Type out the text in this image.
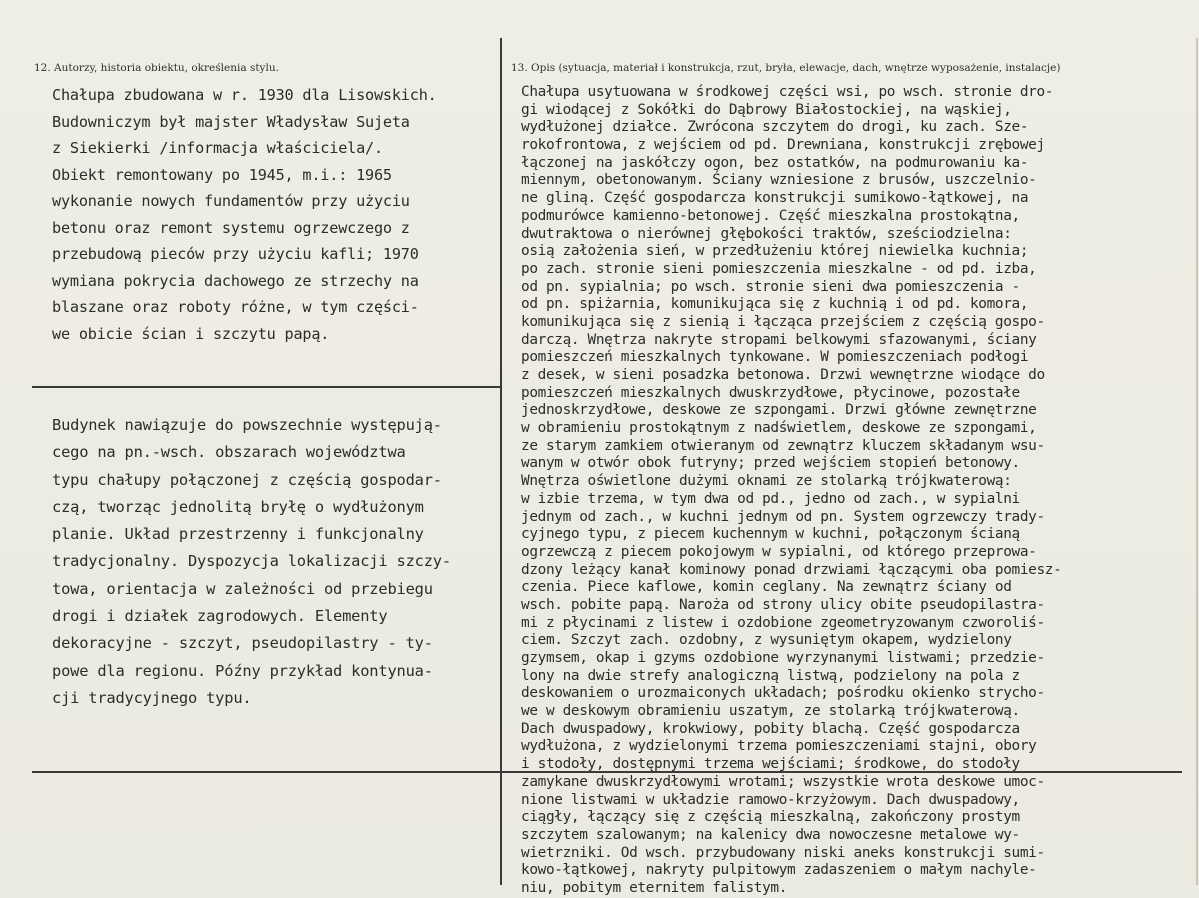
12. Autorzy, historia obiektu, określenia stylu.	13. Opis (sytuacja, materiał i konstrukcja, rzut, bryła, elewacje, dach, wnętrze wyposażenie, instalacje)
Chałupa zbudowana w r. 1930 dla Lisowskich.
Budowniczym był majster Władysław Sujeta
z Siekierki /informacja właściciela/.
Obiekt remontowany po 1945, m.i.: 1965
wykonanie nowych fundamentów przy użyciu
betonu oraz remont systemu ogrzewczego z
przebudową pieców przy użyciu kafli; 1970
wymiana pokrycia dachowego ze strzechy na
blaszane oraz roboty różne, w tym części-
we obicie ścian i szczytu papą.
Budynek nawiązuje do powszechnie występują-
cego na pn.-wsch. obszarach województwa
typu chałupy połączonej z częścią gospodar-
czą, tworząc jednolitą bryłę o wydłużonym
planie. Układ przestrzenny i funkcjonalny
tradycjonalny. Dyspozycja lokalizacji szczy-
towa, orientacja w zależności od przebiegu
drogi i działek zagrodowych. Elementy
dekoracyjne - szczyt, pseudopilastry - ty-
powe dla regionu. Późny przykład kontynua-
cji tradycyjnego typu.
Chałupa usytuowana w środkowej części wsi, po wsch. stronie dro-
gi wiodącej z Sokółki do Dąbrowy Białostockiej, na wąskiej,
wydłużonej działce. Zwrócona szczytem do drogi, ku zach. Sze-
rokofrontowa, z wejściem od pd. Drewniana, konstrukcji zrębowej
łączonej na jaskółczy ogon, bez ostatków, na podmurowaniu ka-
miennym, obetonowanym. Ściany wzniesione z brusów, uszczelnio-
ne gliną. Część gospodarcza konstrukcji sumikowo-łątkowej, na
podmurówce kamienno-betonowej. Część mieszkalna prostokątna,
dwutraktowa o nierównej głębokości traktów, sześciodzielna:
osią założenia sień, w przedłużeniu której niewielka kuchnia;
po zach. stronie sieni pomieszczenia mieszkalne - od pd. izba,
od pn. sypialnia; po wsch. stronie sieni dwa pomieszczenia -
od pn. spiżarnia, komunikująca się z kuchnią i od pd. komora,
komunikująca się z sienią i łącząca przejściem z częścią gospo-
darczą. Wnętrza nakryte stropami belkowymi sfazowanymi, ściany
pomieszczeń mieszkalnych tynkowane. W pomieszczeniach podłogi
z desek, w sieni posadzka betonowa. Drzwi wewnętrzne wiodące do
pomieszczeń mieszkalnych dwuskrzydłowe, płycinowe, pozostałe
jednoskrzydłowe, deskowe ze szpongami. Drzwi główne zewnętrzne
w obramieniu prostokątnym z nadświetlem, deskowe ze szpongami,
ze starym zamkiem otwieranym od zewnątrz kluczem składanym wsu-
wanym w otwór obok futryny; przed wejściem stopień betonowy.
Wnętrza oświetlone dużymi oknami ze stolarką trójkwaterową:
w izbie trzema, w tym dwa od pd., jedno od zach., w sypialni
jednym od zach., w kuchni jednym od pn. System ogrzewczy trady-
cyjnego typu, z piecem kuchennym w kuchni, połączonym ścianą
ogrzewczą z piecem pokojowym w sypialni, od którego przeprowa-
dzony leżący kanał kominowy ponad drzwiami łączącymi oba pomiesz-
czenia. Piece kaflowe, komin ceglany. Na zewnątrz ściany od
wsch. pobite papą. Naroża od strony ulicy obite pseudopilastra-
mi z płycinami z listew i ozdobione zgeometryzowanym czworoliś-
ciem. Szczyt zach. ozdobny, z wysuniętym okapem, wydzielony
gzymsem, okap i gzyms ozdobione wyrzynanymi listwami; przedzie-
lony na dwie strefy analogiczną listwą, podzielony na pola z
deskowaniem o urozmaiconych układach; pośrodku okienko strycho-
we w deskowym obramieniu uszatym, ze stolarką trójkwaterową.
Dach dwuspadowy, krokwiowy, pobity blachą. Część gospodarcza
wydłużona, z wydzielonymi trzema pomieszczeniami stajni, obory
i stodoły, dostępnymi trzema wejściami; środkowe, do stodoły
zamykane dwuskrzydłowymi wrotami; wszystkie wrota deskowe umoc-
nione listwami w układzie ramowo-krzyżowym. Dach dwuspadowy,
ciągły, łączący się z częścią mieszkalną, zakończony prostym
szczytem szalowanym; na kalenicy dwa nowoczesne metalowe wy-
wietrzniki. Od wsch. przybudowany niski aneks konstrukcji sumi-
kowo-łątkowej, nakryty pulpitowym zadaszeniem o małym nachyle-
niu, pobitym eternitem falistym.
